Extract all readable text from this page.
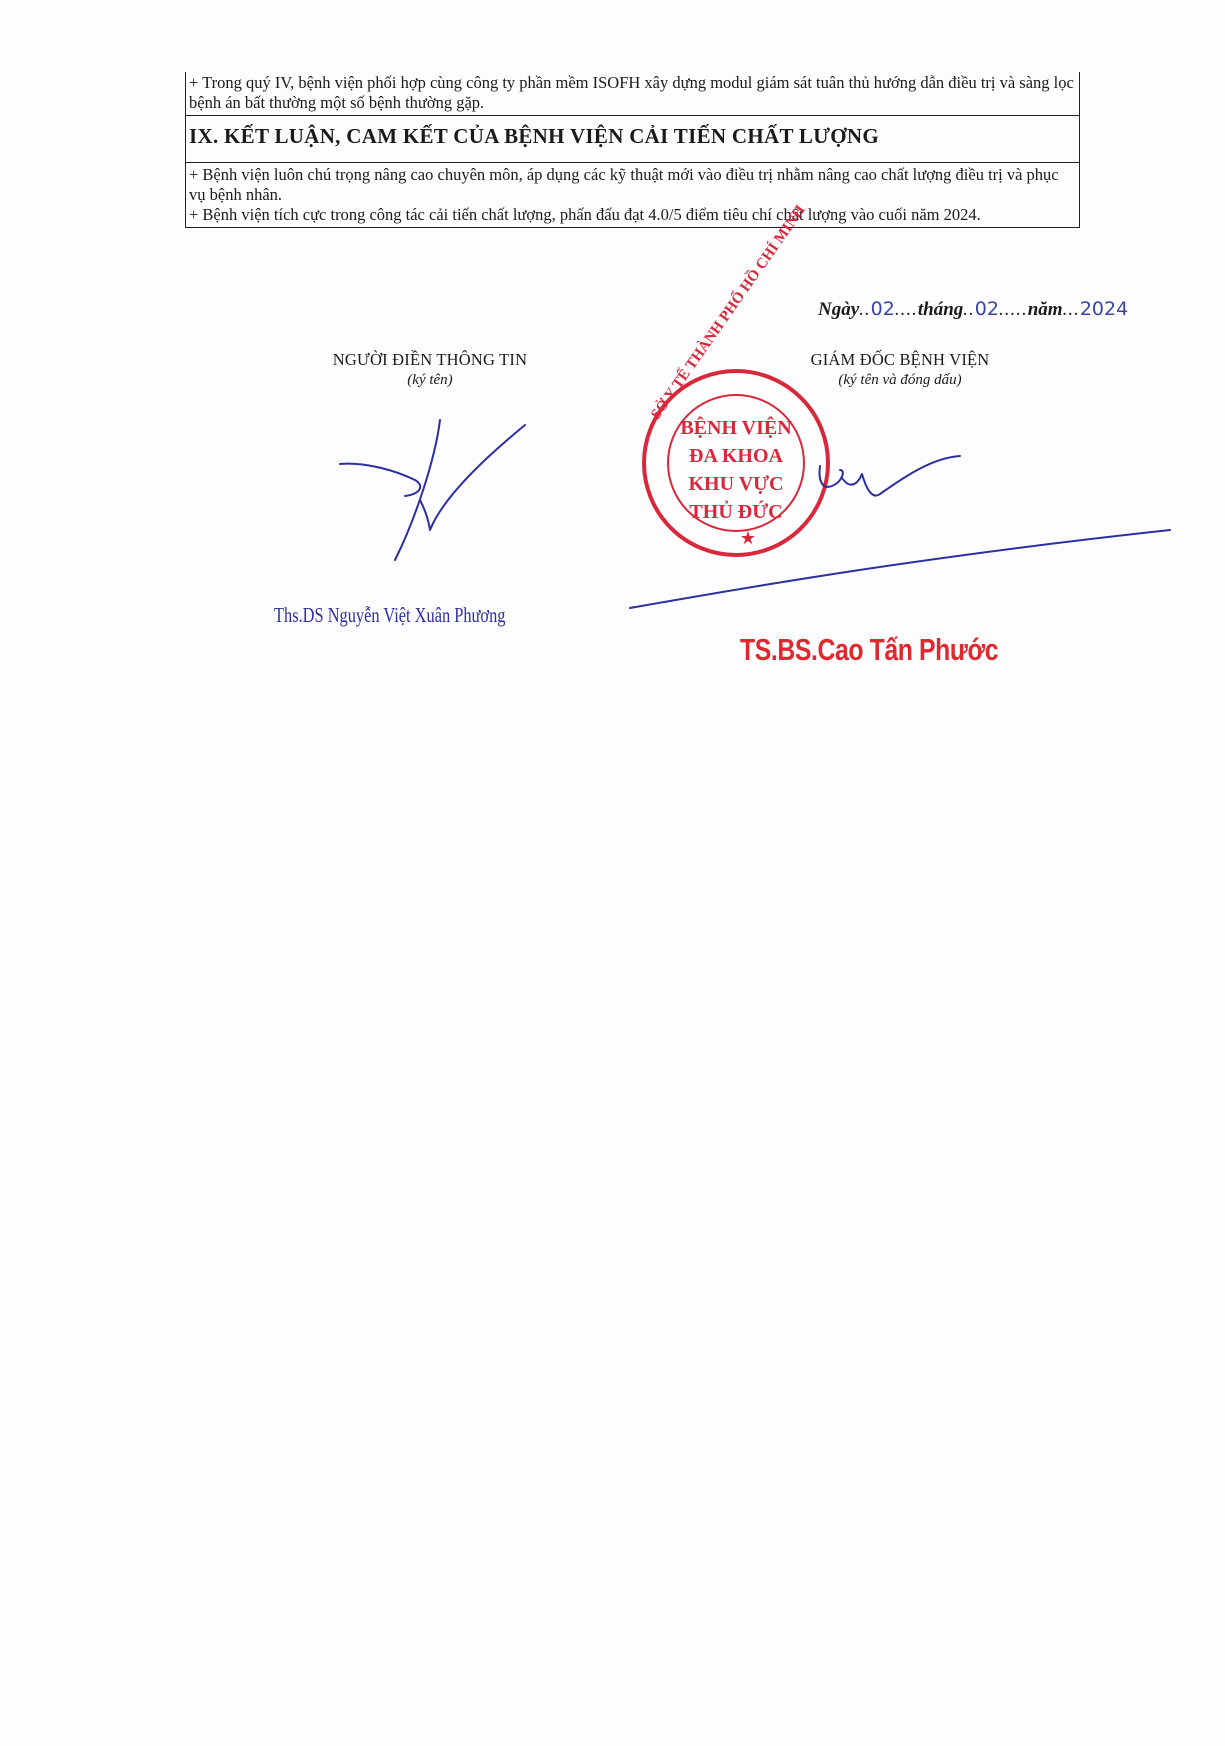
+ Trong quý IV, bệnh viện phối hợp cùng công ty phần mềm ISOFH xây dựng modul giám sát tuân thủ hướng dẫn điều trị và sàng lọc bệnh án bất thường một số bệnh thường gặp.

IX. KẾT LUẬN, CAM KẾT CỦA BỆNH VIỆN CẢI TIẾN CHẤT LƯỢNG

+ Bệnh viện luôn chú trọng nâng cao chuyên môn, áp dụng các kỹ thuật mới vào điều trị nhằm nâng cao chất lượng điều trị và phục vụ bệnh nhân.

+ Bệnh viện tích cực trong công tác cải tiến chất lượng, phấn đấu đạt 4.0/5 điểm tiêu chí chất lượng vào cuối năm 2024.

Ngày..02....tháng..02.....năm...2024
NGƯỜI ĐIỀN THÔNG TIN
(ký tên)
GIÁM ĐỐC BỆNH VIỆN
(ký tên và đóng dấu)
BỆNH VIỆN
ĐA KHOA
KHU VỰC
THỦ ĐỨC
★
SỞ Y TẾ THÀNH PHỐ HỒ CHÍ MINH
Ths.DS Nguyễn Việt Xuân Phương
TS.BS.Cao Tấn Phước
